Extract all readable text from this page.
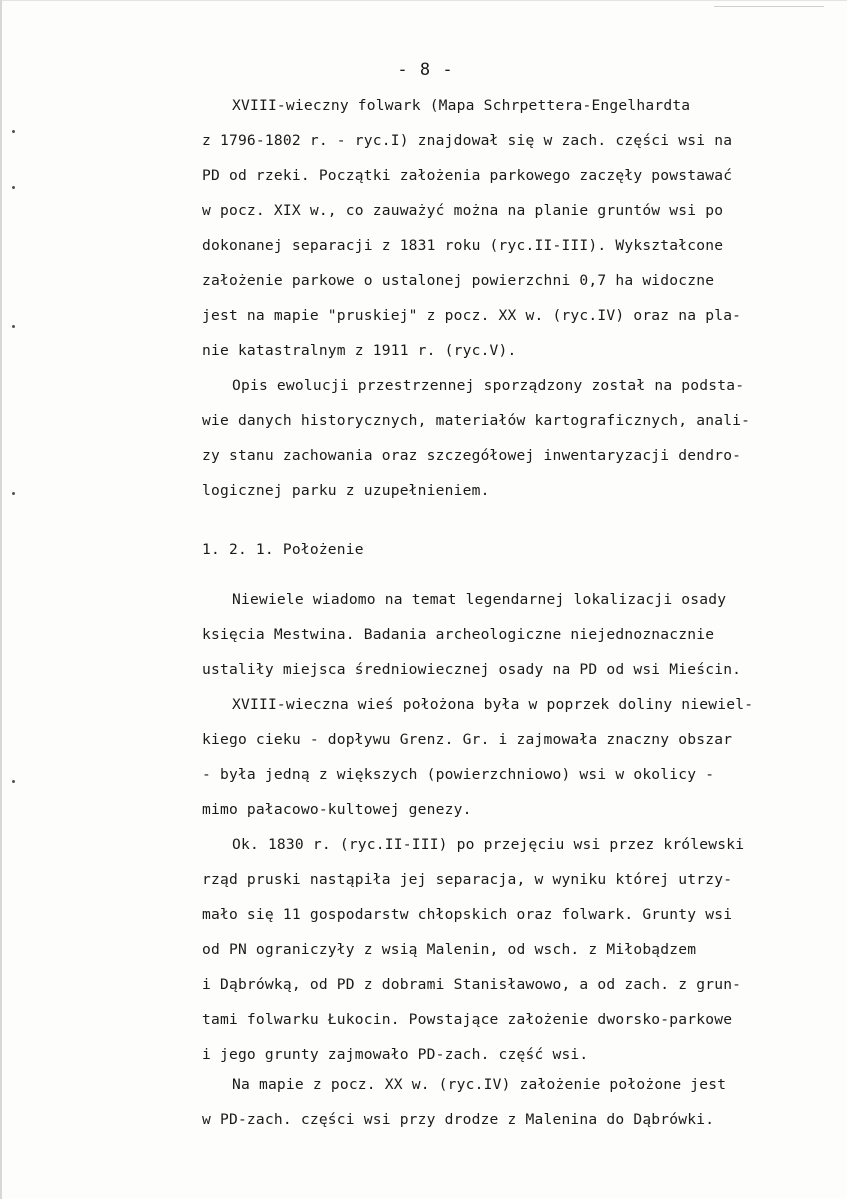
- 8 -
XVIII-wieczny folwark (Mapa Schrpettera-Engelhardta
z 1796-1802 r. - ryc.I) znajdował się w zach. części wsi na
PD od rzeki. Początki założenia parkowego zaczęły powstawać
w pocz. XIX w., co zauważyć można na planie gruntów wsi po
dokonanej separacji z 1831 roku (ryc.II-III). Wykształcone
założenie parkowe o ustalonej powierzchni 0,7 ha widoczne
jest na mapie "pruskiej" z pocz. XX w. (ryc.IV) oraz na pla-
nie katastralnym z 1911 r. (ryc.V).
Opis ewolucji przestrzennej sporządzony został na podsta-
wie danych historycznych, materiałów kartograficznych, anali-
zy stanu zachowania oraz szczegółowej inwentaryzacji dendro-
logicznej parku z uzupełnieniem.
1. 2. 1. Położenie
Niewiele wiadomo na temat legendarnej lokalizacji osady
księcia Mestwina. Badania archeologiczne niejednoznacznie
ustaliły miejsca średniowiecznej osady na PD od wsi Mieścin.
XVIII-wieczna wieś położona była w poprzek doliny niewiel-
kiego cieku - dopływu Grenz. Gr. i zajmowała znaczny obszar
- była jedną z większych (powierzchniowo) wsi w okolicy -
mimo pałacowo-kultowej genezy.
Ok. 1830 r. (ryc.II-III) po przejęciu wsi przez królewski
rząd pruski nastąpiła jej separacja, w wyniku której utrzy-
mało się 11 gospodarstw chłopskich oraz folwark. Grunty wsi
od PN ograniczyły z wsią Malenin, od wsch. z Miłobądzem
i Dąbrówką, od PD z dobrami Stanisławowo, a od zach. z grun-
tami folwarku Łukocin. Powstające założenie dworsko-parkowe
i jego grunty zajmowało PD-zach. część wsi.
Na mapie z pocz. XX w. (ryc.IV) założenie położone jest
w PD-zach. części wsi przy drodze z Malenina do Dąbrówki.
